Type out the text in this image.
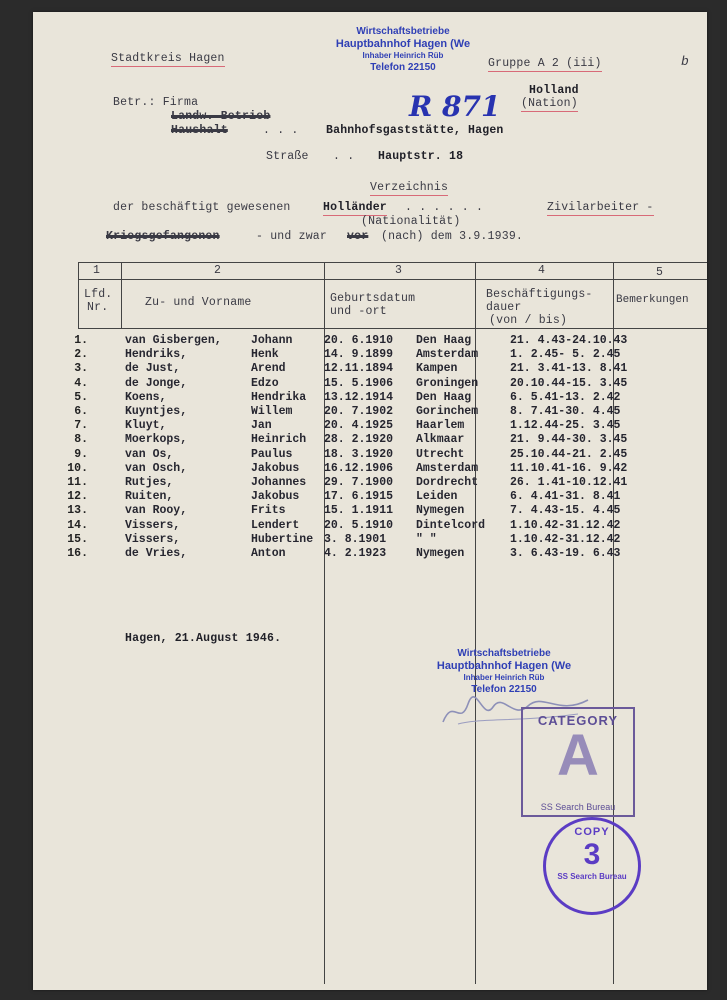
Stadtkreis Hagen	Gruppe A 2 (iii)	b
Wirtschaftsbetriebe
Hauptbahnhof Hagen (We
Inhaber Heinrich Rüb
Telefon 22150
Holland
(Nation)
R 871
Betr.: Firma
Landw. Betrieb
Haushalt	. . . Bahnhofsgaststätte, Hagen
Straße . . Hauptstr. 18
Verzeichnis
der beschäftigt gewesenen	Holländer . . . . . .	Zivilarbeiter -
(Nationalität)
Kriegsgefangenen	- und zwar vor (nach) dem 3.9.1939.
1	2	3	4	5
Lfd.
Nr.	Zu- und Vorname	Geburtsdatum
und -ort
Beschäftigungs-
dauer
(von / bis)
Bemerkungen
1.	van Gisbergen,	Johann	20. 6.1910 Den Haag	21. 4.43-24.10.43
2.	Hendriks,	Henk	14. 9.1899 Amsterdam	1. 2.45- 5. 2.45
3.	de Just,	Arend	12.11.1894 Kampen	21. 3.41-13. 8.41
4.	de Jonge,	Edzo	15. 5.1906 Groningen	20.10.44-15. 3.45
5.	Koens,	Hendrika 13.12.1914 Den Haag	6. 5.41-13. 2.42
6.	Kuyntjes,	Willem	20. 7.1902 Gorinchem	8. 7.41-30. 4.45
7.	Kluyt,	Jan	20. 4.1925 Haarlem	1.12.44-25. 3.45
8.	Moerkops,	Heinrich 28. 2.1920 Alkmaar	21. 9.44-30. 3.45
9.	van Os,	Paulus	18. 3.1920 Utrecht	25.10.44-21. 2.45
10.	van Osch,	Jakobus 16.12.1906 Amsterdam	11.10.41-16. 9.42
11.	Rutjes,	Johannes 29. 7.1900 Dordrecht	26. 1.41-10.12.41
12.	Ruiten,	Jakobus 17. 6.1915 Leiden	6. 4.41-31. 8.41
13.	van Rooy,	Frits	15. 1.1911 Nymegen	7. 4.43-15. 4.45
14.	Vissers,	Lendert 20. 5.1910 Dintelcord 1.10.42-31.12.42
15.	Vissers,	Hubertine 3. 8.1901	" "	1.10.42-31.12.42
16.	de Vries,	Anton	4. 2.1923	Nymegen	3. 6.43-19. 6.43
Hagen, 21.August 1946.
Wirtschaftsbetriebe
Hauptbahnhof Hagen (We
Inhaber Heinrich Rüb
Telefon 22150
CATEGORY
A
SS Search Bureau
COPY
3
SS Search Bureau
